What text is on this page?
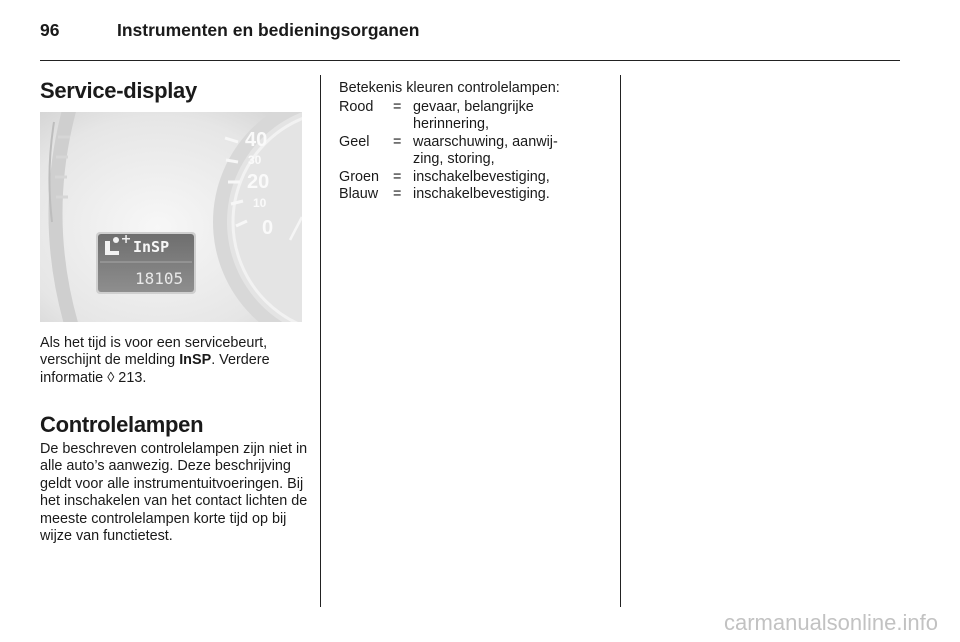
96	Instrumenten en bedieningsorganen
Service-display
40
30
20
10
0
InSP
18105

Als het tijd is voor een servicebeurt, verschijnt de melding InSP. Verdere informatie ◊ 213.

Controlelampen

De beschreven controlelampen zijn niet in alle auto’s aanwezig. Deze beschrijving geldt voor alle instrumentuitvoeringen. Bij het inschakelen van het contact lichten de meeste controlelampen korte tijd op bij wijze van functietest.

Betekenis kleuren controlelampen:
Rood = gevaar, belangrijke
herinnering,
Geel = waarschuwing, aanwij-
zing, storing,
Groen = inschakelbevestiging,
Blauw = inschakelbevestiging.
carmanualsonline.info
